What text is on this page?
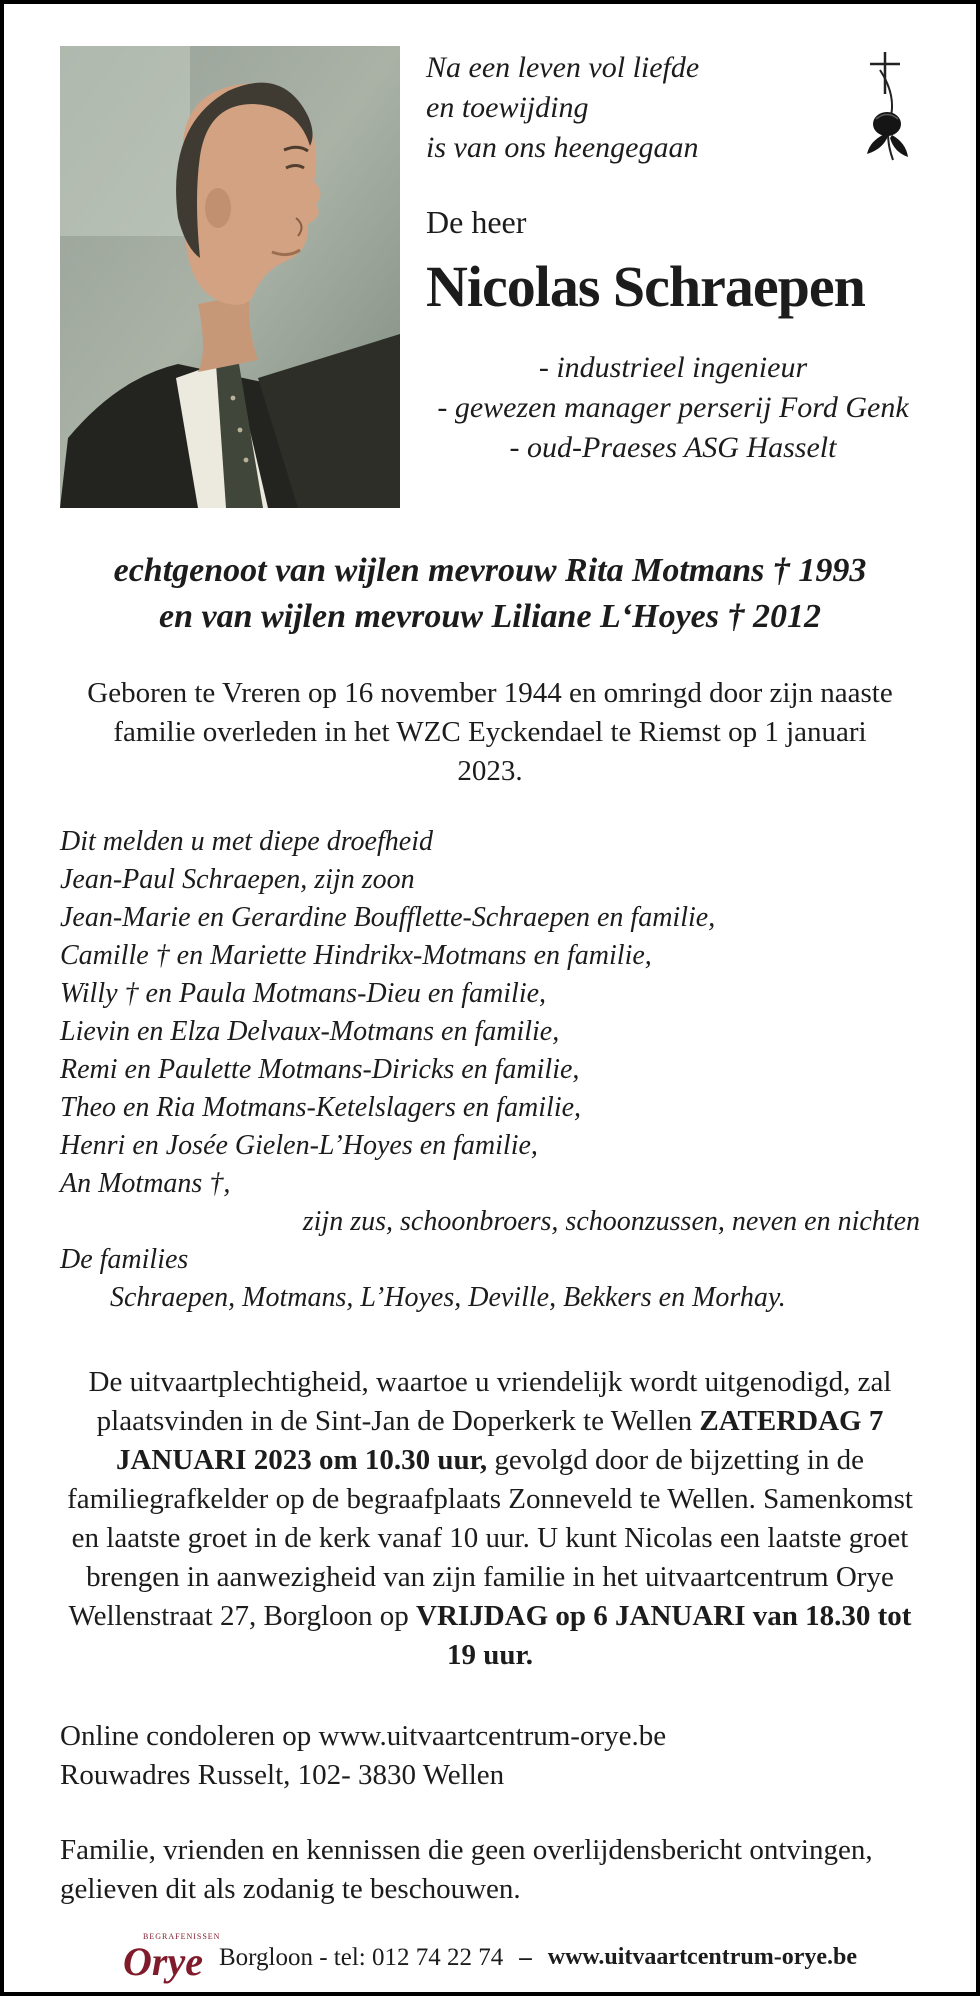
Na een leven vol liefde
en toewijding
is van ons heengegaan
De heer
Nicolas Schraepen
- industrieel ingenieur
- gewezen manager perserij Ford Genk
- oud-Praeses ASG Hasselt
echtgenoot van wijlen mevrouw Rita Motmans † 1993
en van wijlen mevrouw Liliane L‘Hoyes † 2012
Geboren te Vreren op 16 november 1944 en omringd door zijn naaste familie overleden in het WZC Eyckendael te Riemst op 1 januari 2023.
Dit melden u met diepe droefheid
Jean-Paul Schraepen, zijn zoon
Jean-Marie en Gerardine Boufflette-Schraepen en familie,
Camille † en Mariette Hindrikx-Motmans en familie,
Willy † en Paula Motmans-Dieu en familie,
Lievin en Elza Delvaux-Motmans en familie,
Remi en Paulette Motmans-Diricks en familie,
Theo en Ria Motmans-Ketelslagers en familie,
Henri en Josée Gielen-L’Hoyes en familie,
An Motmans †,
zijn zus, schoonbroers, schoonzussen, neven en nichten
De families
Schraepen, Motmans, L’Hoyes, Deville, Bekkers en Morhay.
De uitvaartplechtigheid, waartoe u vriendelijk wordt uitgenodigd, zal plaatsvinden in de Sint-Jan de Doperkerk te Wellen ZATERDAG 7 JANUARI 2023 om 10.30 uur, gevolgd door de bijzetting in de familiegrafkelder op de begraafplaats Zonneveld te Wellen. Samenkomst en laatste groet in de kerk vanaf 10 uur. U kunt Nicolas een laatste groet brengen in aanwezigheid van zijn familie in het uitvaartcentrum Orye Wellenstraat 27, Borgloon op VRIJDAG op 6 JANUARI van 18.30 tot 19 uur.
Online condoleren op www.uitvaartcentrum-orye.be
Rouwadres Russelt, 102- 3830 Wellen
Familie, vrienden en kennissen die geen overlijdensbericht ontvingen, gelieven dit als zodanig te beschouwen.
BEGRAFENISSEN
Orye Borgloon - tel: 012 74 22 74 – www.uitvaartcentrum-orye.be
